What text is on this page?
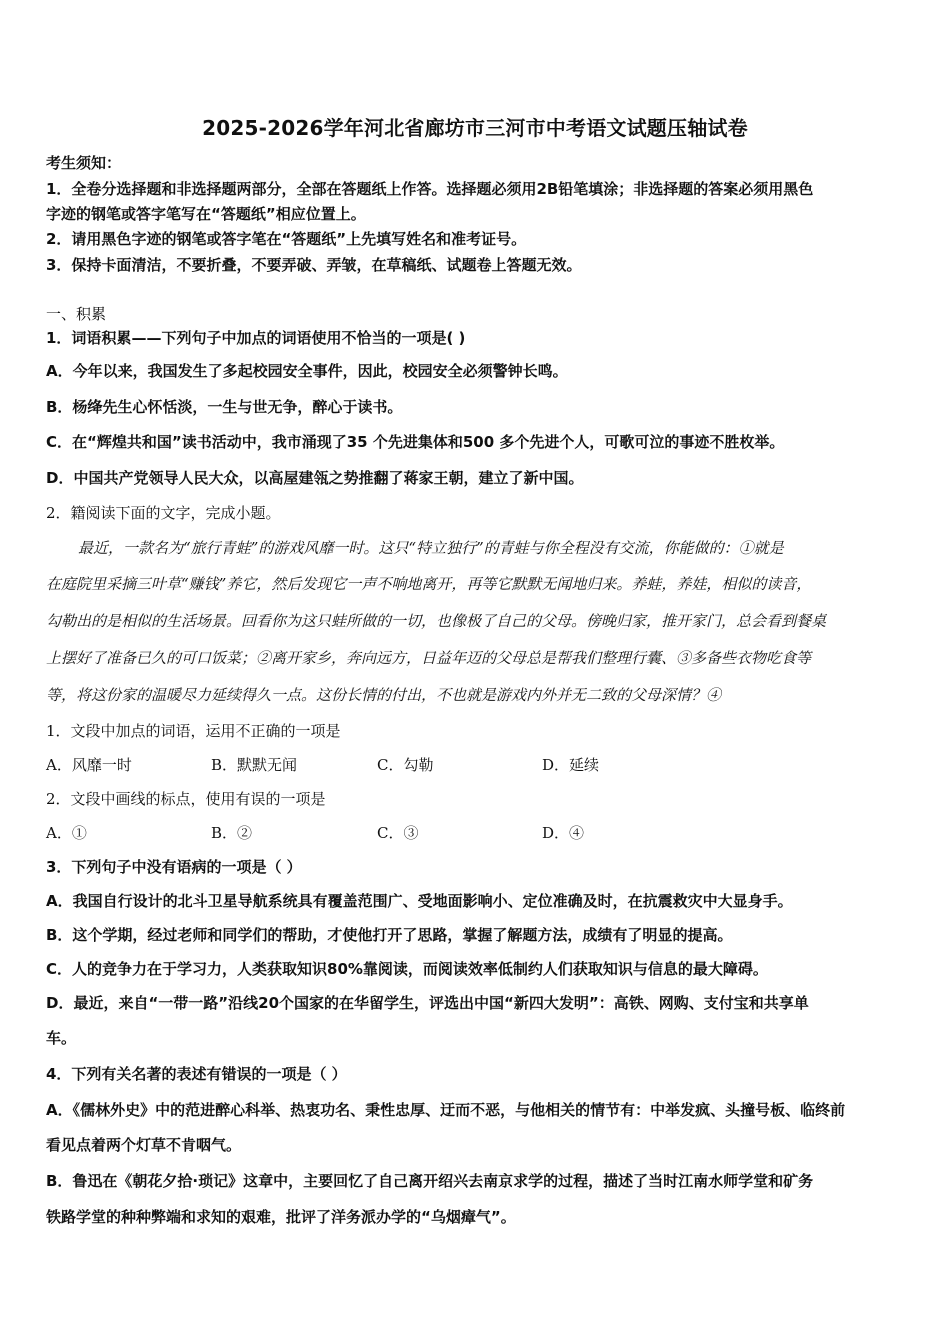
2025-2026学年河北省廊坊市三河市中考语文试题压轴试卷
考生须知：
1．全卷分选择题和非选择题两部分，全部在答题纸上作答。选择题必须用2B铅笔填涂；非选择题的答案必须用黑色
字迹的钢笔或答字笔写在“答题纸”相应位置上。
2．请用黑色字迹的钢笔或答字笔在“答题纸”上先填写姓名和准考证号。
3．保持卡面清洁，不要折叠，不要弄破、弄皱，在草稿纸、试题卷上答题无效。
一、积累
1．词语积累——下列句子中加点的词语使用不恰当的一项是( )
A．今年以来，我国发生了多起校园安全事件，因此，校园安全必须警钟长鸣。
B．杨绛先生心怀恬淡，一生与世无争，醉心于读书。
C．在“辉煌共和国”读书活动中，我市涌现了35 个先进集体和500 多个先进个人，可歌可泣的事迹不胜枚举。
D．中国共产党领导人民大众，以高屋建瓴之势推翻了蒋家王朝，建立了新中国。
2．籍阅读下面的文字，完成小题。
最近，一款名为“旅行青蛙”的游戏风靡一时。这只“特立独行”的青蛙与你全程没有交流，你能做的：①就是
在庭院里采摘三叶草“赚钱”养它，然后发现它一声不响地离开，再等它默默无闻地归来。养蛙，养娃，相似的读音，
勾勒出的是相似的生活场景。回看你为这只蛙所做的一切，也像极了自己的父母。傍晚归家，推开家门，总会看到餐桌
上摆好了准备已久的可口饭菜；②离开家乡，奔向远方，日益年迈的父母总是帮我们整理行囊、③多备些衣物吃食等
等，将这份家的温暖尽力延续得久一点。这份长情的付出，不也就是游戏内外并无二致的父母深情？④
1．文段中加点的词语，运用不正确的一项是
A．风靡一时	B．默默无闻	C．勾勒	D．延续
2．文段中画线的标点，使用有误的一项是
A．①	B．②	C．③	D．④
3．下列句子中没有语病的一项是（ ）
A．我国自行设计的北斗卫星导航系统具有覆盖范围广、受地面影响小、定位准确及时，在抗震救灾中大显身手。
B．这个学期，经过老师和同学们的帮助，才使他打开了思路，掌握了解题方法，成绩有了明显的提高。
C．人的竞争力在于学习力，人类获取知识80%靠阅读，而阅读效率低制约人们获取知识与信息的最大障碍。
D．最近，来自“一带一路”沿线20个国家的在华留学生，评选出中国“新四大发明”：高铁、网购、支付宝和共享单
车。
4．下列有关名著的表述有错误的一项是（ ）
A．《儒林外史》中的范进醉心科举、热衷功名、秉性忠厚、迂而不恶，与他相关的情节有：中举发疯、头撞号板、临终前
看见点着两个灯草不肯咽气。
B．鲁迅在《朝花夕拾·琐记》这章中，主要回忆了自己离开绍兴去南京求学的过程，描述了当时江南水师学堂和矿务
铁路学堂的种种弊端和求知的艰难，批评了洋务派办学的“乌烟瘴气”。
